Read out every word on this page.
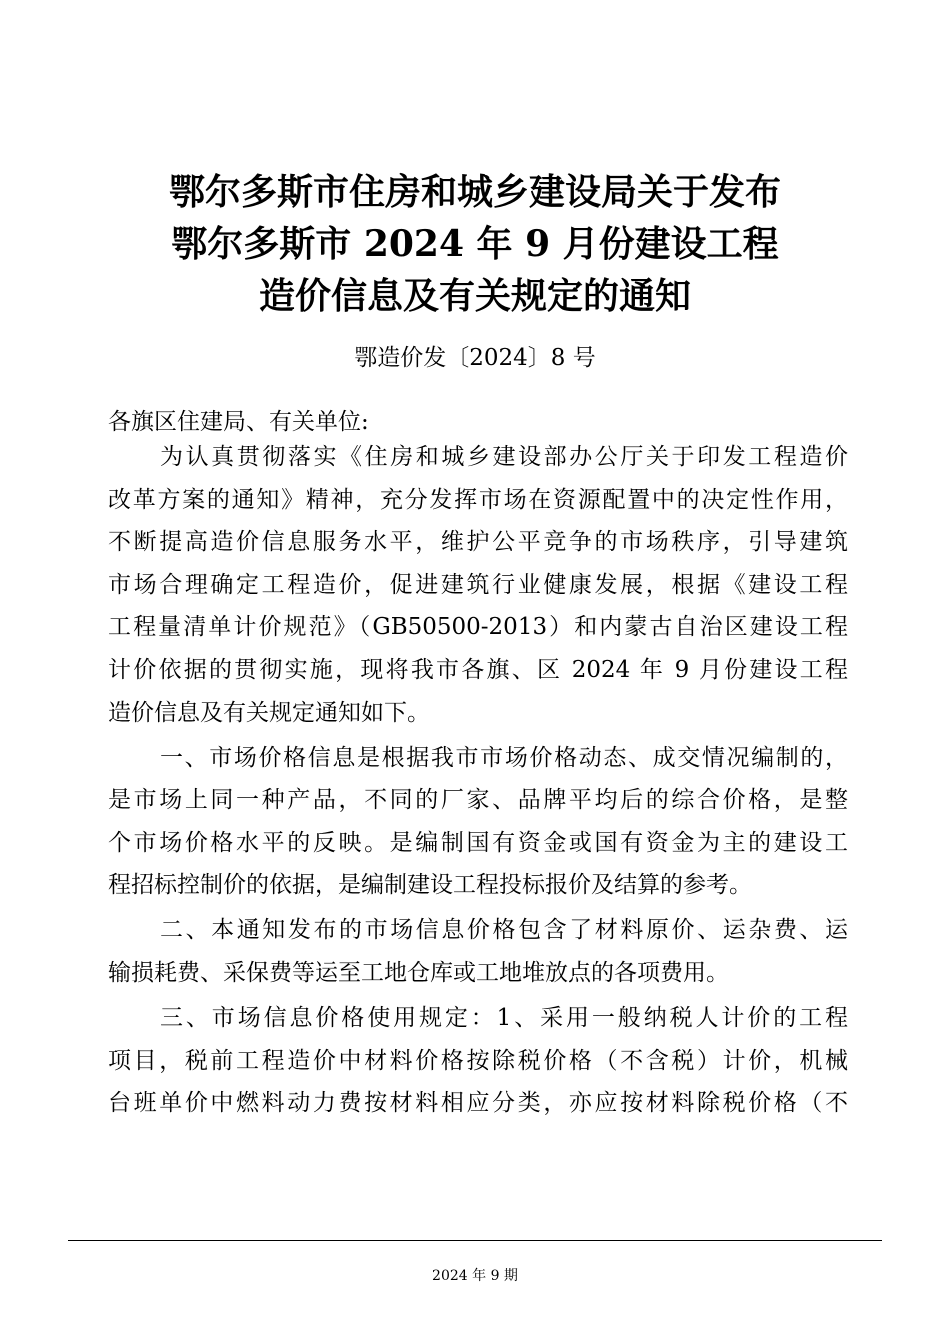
鄂尔多斯市住房和城乡建设局关于发布
鄂尔多斯市 2024 年 9 月份建设工程
造价信息及有关规定的通知
鄂造价发〔2024〕8 号
各旗区住建局、有关单位:
为认真贯彻落实《住房和城乡建设部办公厅关于印发工程造价
改革方案的通知》精神，充分发挥市场在资源配置中的决定性作用，
不断提高造价信息服务水平，维护公平竞争的市场秩序，引导建筑
市场合理确定工程造价，促进建筑行业健康发展，根据《建设工程
工程量清单计价规范》（GB50500-2013）和内蒙古自治区建设工程
计价依据的贯彻实施，现将我市各旗、区 2024 年 9 月份建设工程
造价信息及有关规定通知如下。
一、市场价格信息是根据我市市场价格动态、成交情况编制的，
是市场上同一种产品，不同的厂家、品牌平均后的综合价格，是整
个市场价格水平的反映。是编制国有资金或国有资金为主的建设工
程招标控制价的依据，是编制建设工程投标报价及结算的参考。
二、本通知发布的市场信息价格包含了材料原价、运杂费、运
输损耗费、采保费等运至工地仓库或工地堆放点的各项费用。
三、市场信息价格使用规定：1、采用一般纳税人计价的工程
项目，税前工程造价中材料价格按除税价格（不含税）计价，机械
台班单价中燃料动力费按材料相应分类，亦应按材料除税价格（不
2024 年 9 期
